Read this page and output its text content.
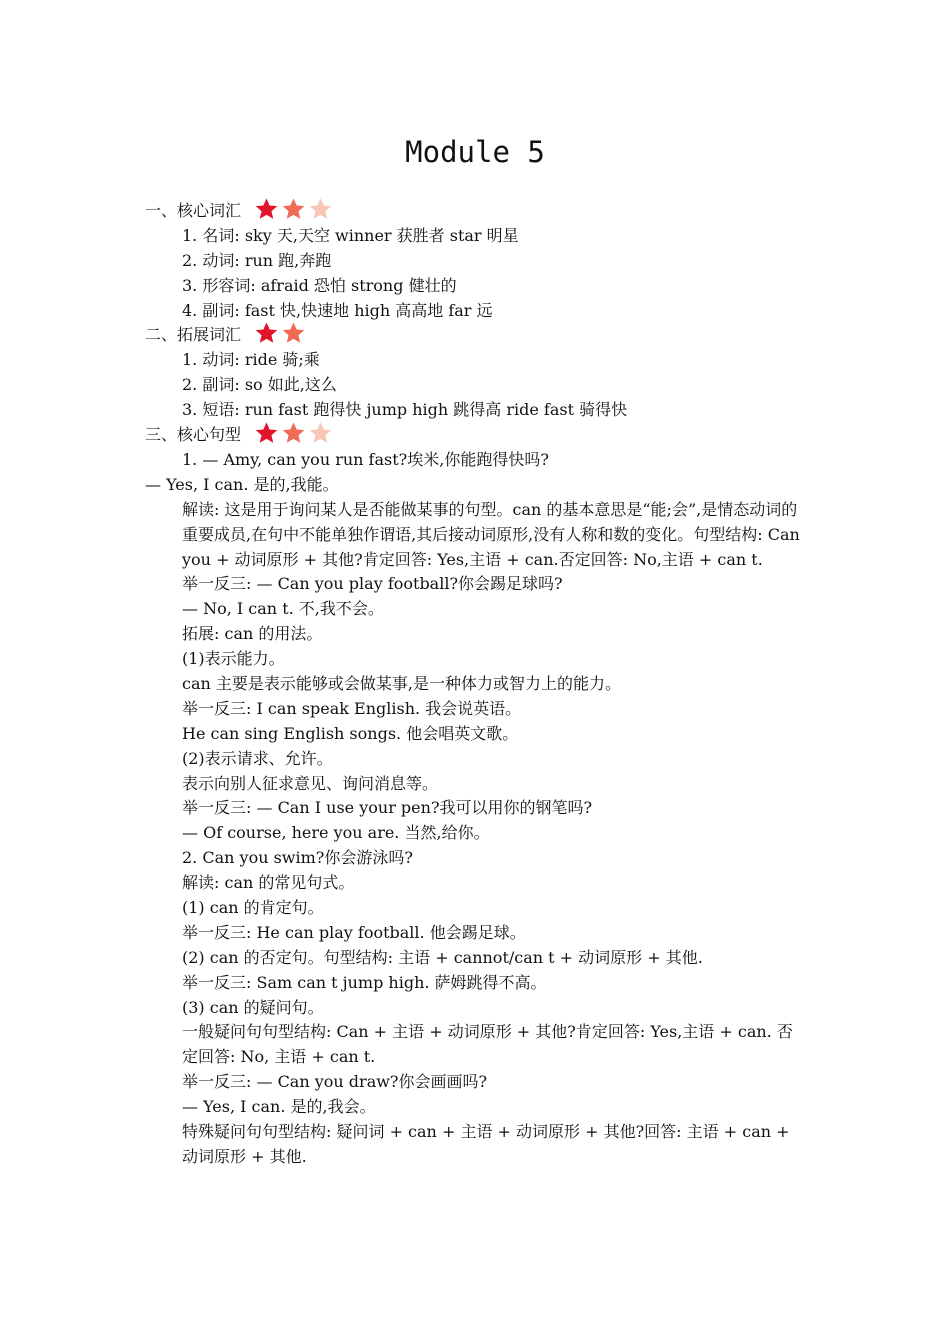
Module 5
一、核心词汇
1. 名词: sky 天,天空 winner 获胜者 star 明星
2. 动词: run 跑,奔跑
3. 形容词: afraid 恐怕 strong 健壮的
4. 副词: fast 快,快速地 high 高高地 far 远
二、拓展词汇
1. 动词: ride 骑;乘
2. 副词: so 如此,这么
3. 短语: run fast 跑得快 jump high 跳得高 ride fast 骑得快
三、核心句型
1. — Amy, can you run fast?埃米,你能跑得快吗?
— Yes, I can. 是的,我能。
解读: 这是用于询问某人是否能做某事的句型。can 的基本意思是“能;会”,是情态动词的重要成员,在句中不能单独作谓语,其后接动词原形,没有人称和数的变化。句型结构: Can you + 动词原形 + 其他?肯定回答: Yes,主语 + can.否定回答: No,主语 + can t.
举一反三: — Can you play football?你会踢足球吗?
— No, I can t. 不,我不会。
拓展: can 的用法。
(1)表示能力。
can 主要是表示能够或会做某事,是一种体力或智力上的能力。
举一反三: I can speak English. 我会说英语。
He can sing English songs. 他会唱英文歌。
(2)表示请求、允许。
表示向别人征求意见、询问消息等。
举一反三: — Can I use your pen?我可以用你的钢笔吗?
— Of course, here you are. 当然,给你。
2. Can you swim?你会游泳吗?
解读: can 的常见句式。
(1) can 的肯定句。
举一反三: He can play football. 他会踢足球。
(2) can 的否定句。句型结构: 主语 + cannot/can t + 动词原形 + 其他.
举一反三: Sam can t jump high. 萨姆跳得不高。
(3) can 的疑问句。
一般疑问句句型结构: Can + 主语 + 动词原形 + 其他?肯定回答: Yes,主语 + can. 否定回答: No, 主语 + can t.
举一反三: — Can you draw?你会画画吗?
— Yes, I can. 是的,我会。
特殊疑问句句型结构: 疑问词 + can + 主语 + 动词原形 + 其他?回答: 主语 + can + 动词原形 + 其他.
